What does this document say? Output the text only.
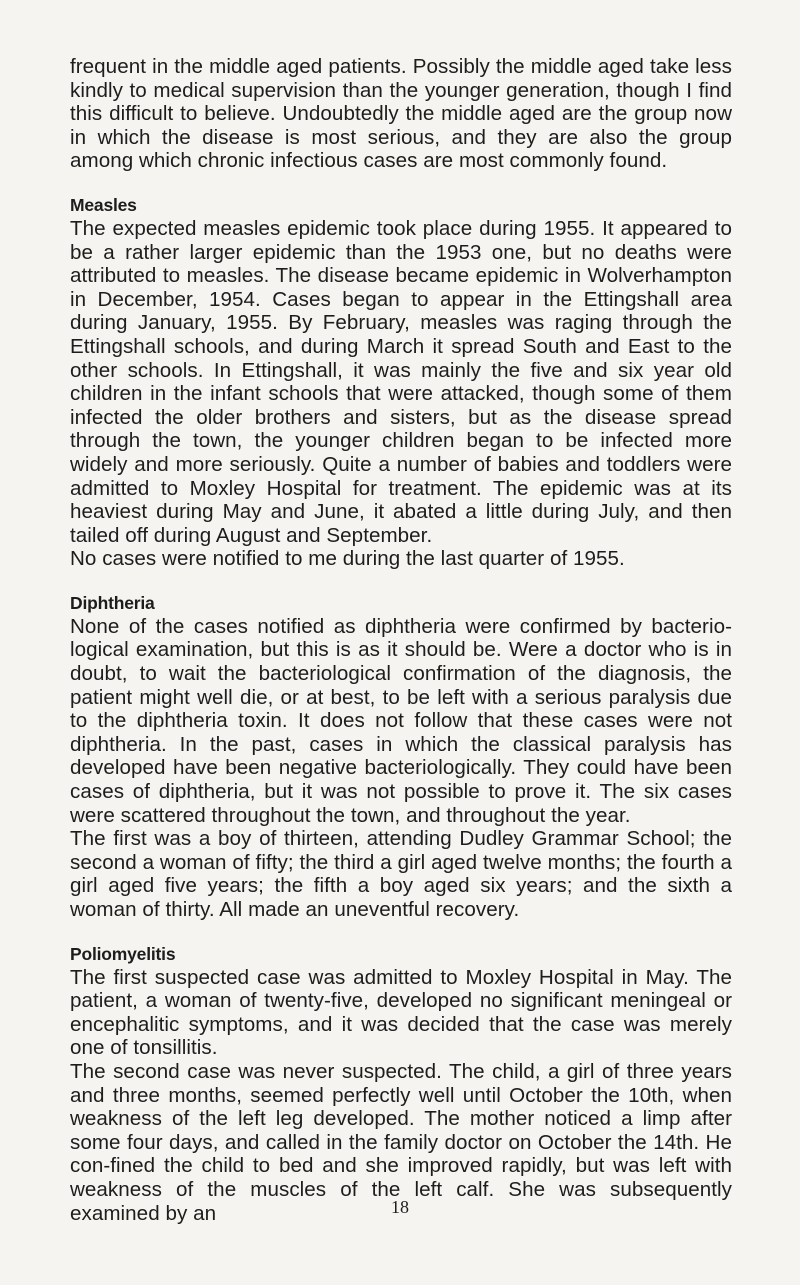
frequent in the middle aged patients. Possibly the middle aged take less kindly to medical supervision than the younger generation, though I find this difficult to believe. Undoubtedly the middle aged are the group now in which the disease is most serious, and they are also the group among which chronic infectious cases are most commonly found.

Measles

The expected measles epidemic took place during 1955. It appeared to be a rather larger epidemic than the 1953 one, but no deaths were attributed to measles. The disease became epidemic in Wolverhampton in December, 1954. Cases began to appear in the Ettingshall area during January, 1955. By February, measles was raging through the Ettingshall schools, and during March it spread South and East to the other schools. In Ettingshall, it was mainly the five and six year old children in the infant schools that were attacked, though some of them infected the older brothers and sisters, but as the disease spread through the town, the younger children began to be infected more widely and more seriously. Quite a number of babies and toddlers were admitted to Moxley Hospital for treatment. The epidemic was at its heaviest during May and June, it abated a little during July, and then tailed off during August and September.

No cases were notified to me during the last quarter of 1955.

Diphtheria

None of the cases notified as diphtheria were confirmed by bacterio-logical examination, but this is as it should be. Were a doctor who is in doubt, to wait the bacteriological confirmation of the diagnosis, the patient might well die, or at best, to be left with a serious paralysis due to the diphtheria toxin. It does not follow that these cases were not diphtheria. In the past, cases in which the classical paralysis has developed have been negative bacteriologically. They could have been cases of diphtheria, but it was not possible to prove it. The six cases were scattered throughout the town, and throughout the year.

The first was a boy of thirteen, attending Dudley Grammar School; the second a woman of fifty; the third a girl aged twelve months; the fourth a girl aged five years; the fifth a boy aged six years; and the sixth a woman of thirty. All made an uneventful recovery.

Poliomyelitis

The first suspected case was admitted to Moxley Hospital in May. The patient, a woman of twenty-five, developed no significant meningeal or encephalitic symptoms, and it was decided that the case was merely one of tonsillitis.

The second case was never suspected. The child, a girl of three years and three months, seemed perfectly well until October the 10th, when weakness of the left leg developed. The mother noticed a limp after some four days, and called in the family doctor on October the 14th. He con-fined the child to bed and she improved rapidly, but was left with weakness of the muscles of the left calf. She was subsequently examined by an	18
